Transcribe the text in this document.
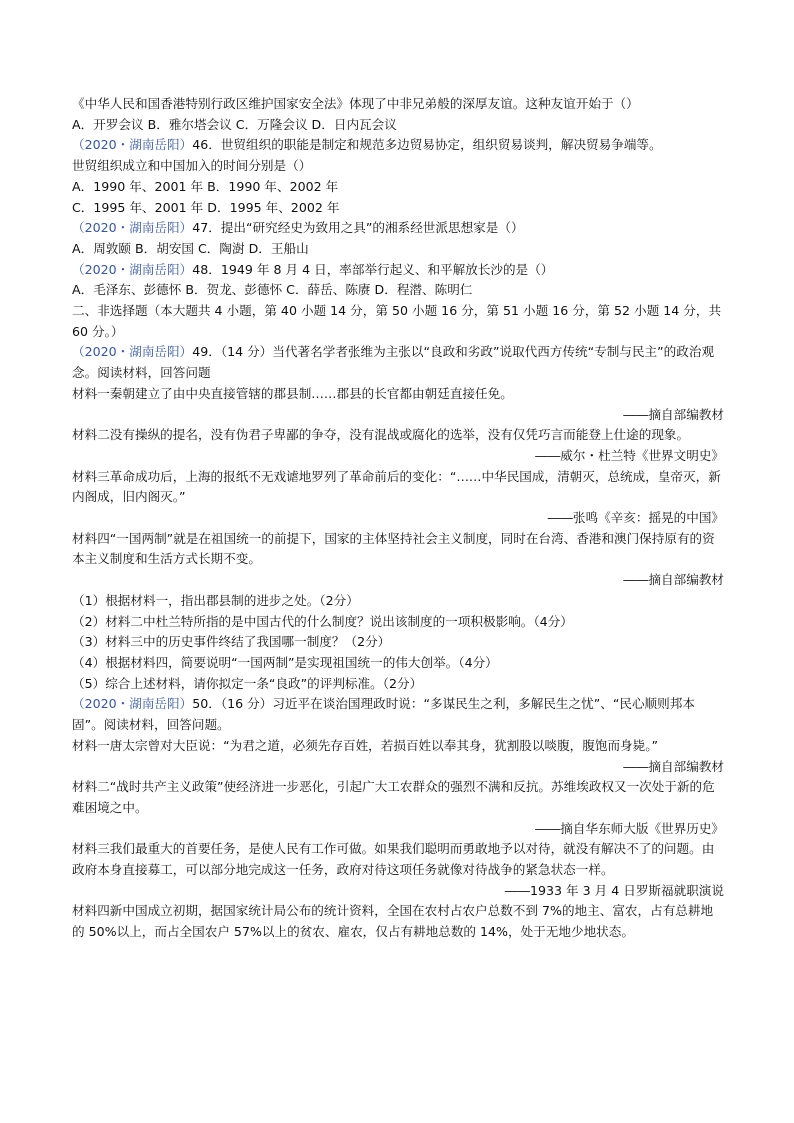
《中华人民和国香港特别行政区维护国家安全法》体现了中非兄弟般的深厚友谊。这种友谊开始于（）
A．开罗会议 B．雅尔塔会议 C．万隆会议 D．日内瓦会议
（2020・湖南岳阳）46．世贸组织的职能是制定和规范多边贸易协定，组织贸易谈判，解决贸易争端等。
世贸组织成立和中国加入的时间分别是（）
A．1990 年、2001 年 B．1990 年、2002 年
C．1995 年、2001 年 D．1995 年、2002 年
（2020・湖南岳阳）47．提出“研究经史为致用之具”的湘系经世派思想家是（）
A．周敦颐 B．胡安国 C．陶澍 D．王船山
（2020・湖南岳阳）48．1949 年 8 月 4 日，率部举行起义、和平解放长沙的是（）
A．毛泽东、彭德怀 B．贺龙、彭德怀 C．薛岳、陈赓 D．程潜、陈明仁
二、非选择题（本大题共 4 小题，第 40 小题 14 分，第 50 小题 16 分，第 51 小题 16 分，第 52 小题 14 分，共 60 分。）
（2020・湖南岳阳）49．（14 分）当代著名学者张维为主张以“良政和劣政”说取代西方传统“专制与民主”的政治观念。阅读材料，回答问题
材料一秦朝建立了由中央直接管辖的郡县制……郡县的长官都由朝廷直接任免。
――摘自部编教材
材料二没有操纵的提名，没有伪君子卑鄙的争夺，没有混战或腐化的选举，没有仅凭巧言而能登上仕途的现象。
――威尔・杜兰特《世界文明史》
材料三革命成功后，上海的报纸不无戏谑地罗列了革命前后的变化：“……中华民国成，清朝灭，总统成，皇帝灭，新内阁成，旧内阁灭。”
――张鸣《辛亥：摇晃的中国》
材料四“一国两制”就是在祖国统一的前提下，国家的主体坚持社会主义制度，同时在台湾、香港和澳门保持原有的资本主义制度和生活方式长期不变。
――摘自部编教材
（1）根据材料一，指出郡县制的进步之处。（2分）
（2）材料二中杜兰特所指的是中国古代的什么制度？说出该制度的一项积极影响。（4分）
（3）材料三中的历史事件终结了我国哪一制度？（2分）
（4）根据材料四，简要说明“一国两制”是实现祖国统一的伟大创举。（4分）
（5）综合上述材料，请你拟定一条“良政”的评判标准。（2分）
（2020・湖南岳阳）50．（16 分）习近平在谈治国理政时说：“多谋民生之利，多解民生之忧”、“民心顺则邦本固”。阅读材料，回答问题。
材料一唐太宗曾对大臣说：“为君之道，必须先存百姓，若损百姓以奉其身，犹割股以啖腹，腹饱而身毙。”
――摘自部编教材
材料二“战时共产主义政策”使经济进一步恶化，引起广大工农群众的强烈不满和反抗。苏维埃政权又一次处于新的危难困境之中。
――摘自华东师大版《世界历史》
材料三我们最重大的首要任务，是使人民有工作可做。如果我们聪明而勇敢地予以对待，就没有解决不了的问题。由政府本身直接募工，可以部分地完成这一任务，政府对待这项任务就像对待战争的紧急状态一样。
――1933 年 3 月 4 日罗斯福就职演说
材料四新中国成立初期，据国家统计局公布的统计资料，全国在农村占农户总数不到 7%的地主、富农，占有总耕地的 50%以上，而占全国农户 57%以上的贫农、雇农，仅占有耕地总数的 14%，处于无地少地状态。
